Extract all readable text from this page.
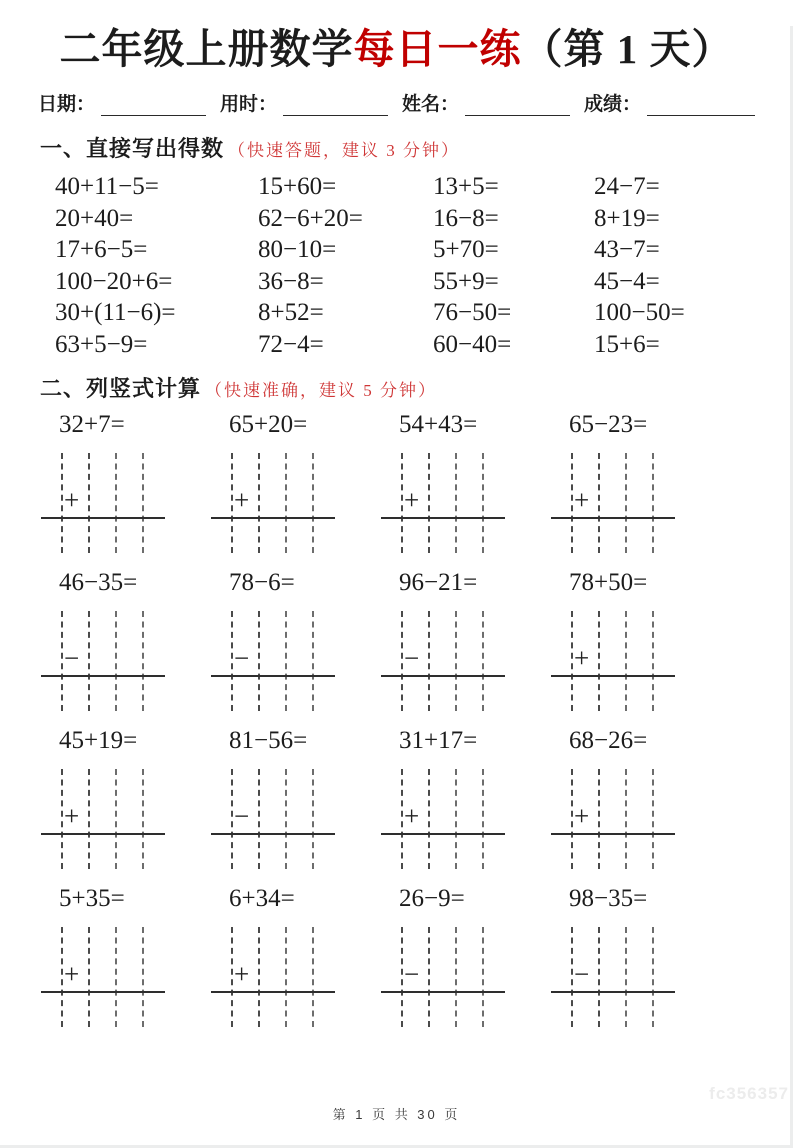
二年级上册数学每日一练（第 1 天）
日期：	用时：	姓名：	成绩：
一、直接写出得数 （快速答题，建议 3 分钟）
40+11−5=	15+60=	13+5=	24−7=
20+40=	62−6+20=	16−8=	8+19=
17+6−5=	80−10=	5+70=	43−7=
100−20+6=	36−8=	55+9=	45−4=
30+(11−6)=	8+52=	76−50=	100−50=
63+5−9=	72−4=	60−40=	15+6=
二、列竖式计算 （快速准确，建议 5 分钟）
32+7=
+
65+20=
+
54+43=
+
65−23=
+
46−35=
−
78−6=
−
96−21=
−
78+50=
+
45+19=
+
81−56=
−
31+17=
+
68−26=
+
5+35=
+
6+34=
+
26−9=
−
98−35=
−
第 1 页 共 30 页
fc356357
